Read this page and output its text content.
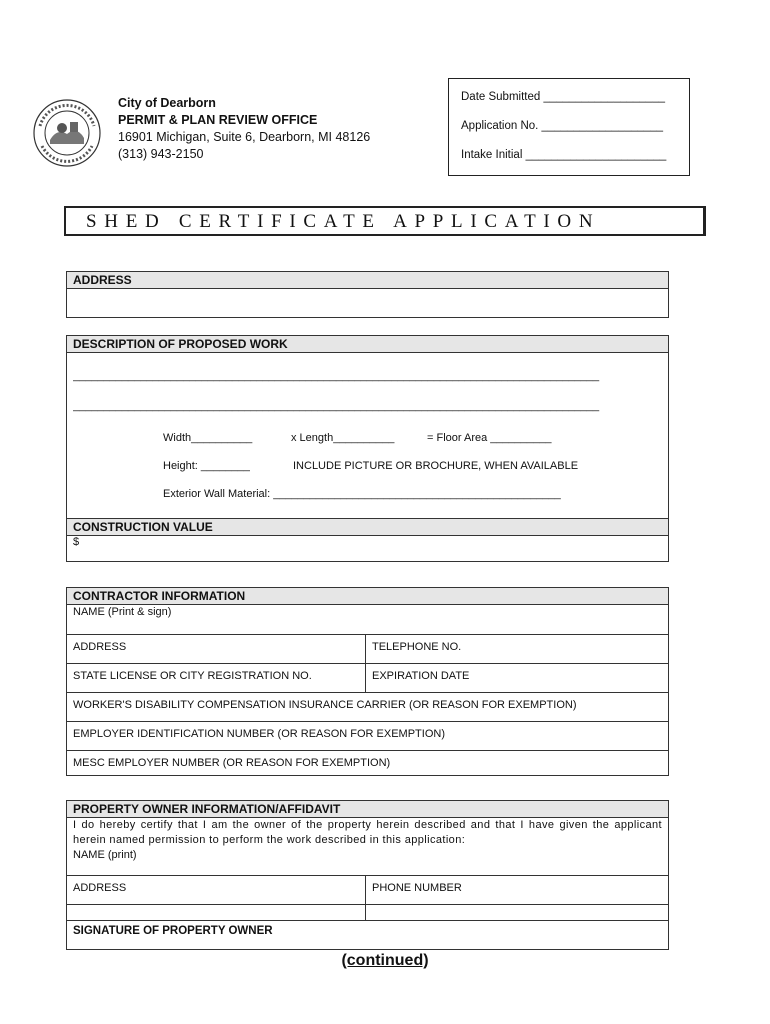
City of Dearborn
PERMIT & PLAN REVIEW OFFICE
16901 Michigan, Suite 6, Dearborn, MI 48126
(313) 943-2150
Date Submitted ___________________
Application No. ___________________
Intake Initial ______________________
SHED CERTIFICATE APPLICATION
ADDRESS
DESCRIPTION OF PROPOSED WORK
______________________________________________________________________________________
______________________________________________________________________________________
Width__________	x Length__________	= Floor Area __________
Height: ________	INCLUDE PICTURE OR BROCHURE, WHEN AVAILABLE
Exterior Wall Material: _______________________________________________
CONSTRUCTION VALUE
$
CONTRACTOR INFORMATION
NAME (Print & sign)
ADDRESS	TELEPHONE NO.
STATE LICENSE OR CITY REGISTRATION NO.	EXPIRATION DATE
WORKER'S DISABILITY COMPENSATION INSURANCE CARRIER (OR REASON FOR EXEMPTION)
EMPLOYER IDENTIFICATION NUMBER (OR REASON FOR EXEMPTION)
MESC EMPLOYER NUMBER (OR REASON FOR EXEMPTION)
PROPERTY OWNER INFORMATION/AFFIDAVIT
I do hereby certify that I am the owner of the property herein described and that I have given the applicant herein named permission to perform the work described in this application:
NAME (print)
ADDRESS	PHONE NUMBER
SIGNATURE OF PROPERTY OWNER
(continued)
